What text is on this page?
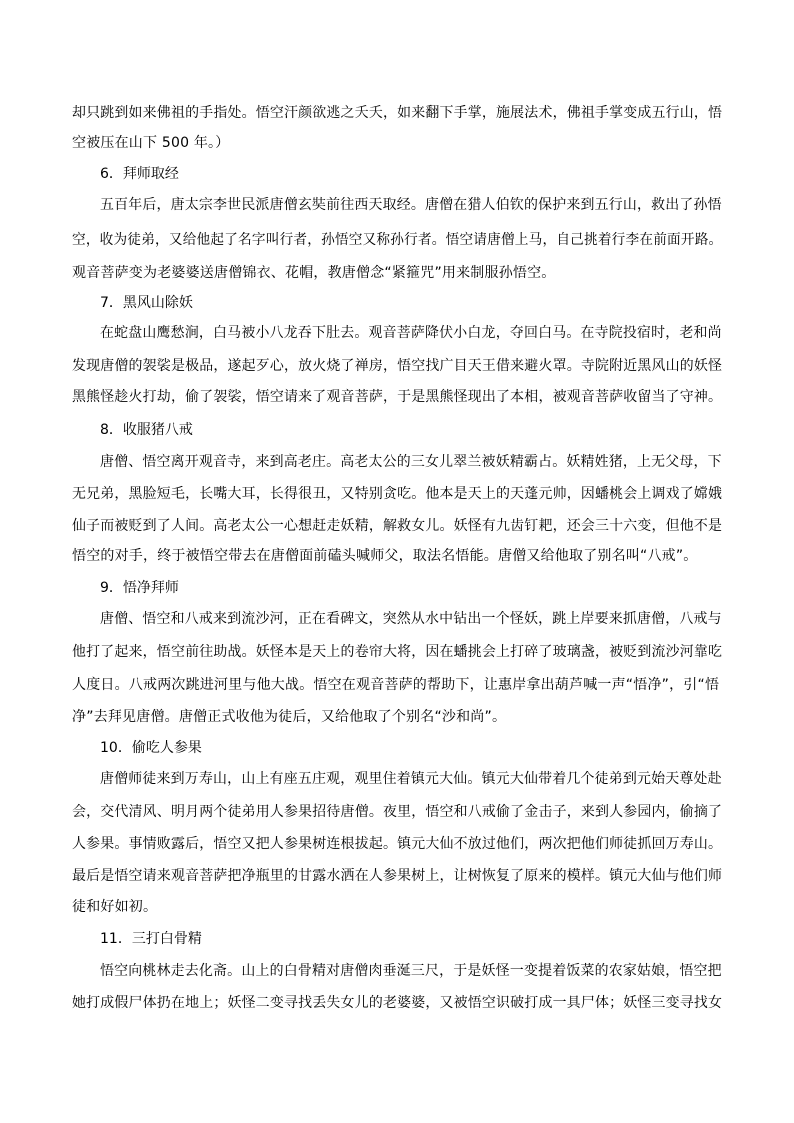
却只跳到如来佛祖的手指处。悟空汗颜欲逃之夭夭，如来翻下手掌，施展法术，佛祖手掌变成五行山，悟
空被压在山下 500 年。）
6．拜师取经
五百年后，唐太宗李世民派唐僧玄奘前往西天取经。唐僧在猎人伯钦的保护来到五行山，救出了孙悟
空，收为徒弟，又给他起了名字叫行者，孙悟空又称孙行者。悟空请唐僧上马，自己挑着行李在前面开路。
观音菩萨变为老婆婆送唐僧锦衣、花帽，教唐僧念“紧箍咒”用来制服孙悟空。
7．黑风山除妖
在蛇盘山鹰愁涧，白马被小八龙吞下肚去。观音菩萨降伏小白龙，夺回白马。在寺院投宿时，老和尚
发现唐僧的袈裟是极品，遂起歹心，放火烧了禅房，悟空找广目天王借来避火罩。寺院附近黑风山的妖怪
黑熊怪趁火打劫，偷了袈裟，悟空请来了观音菩萨，于是黑熊怪现出了本相，被观音菩萨收留当了守神。
8．收服猪八戒
唐僧、悟空离开观音寺，来到高老庄。高老太公的三女儿翠兰被妖精霸占。妖精姓猪，上无父母，下
无兄弟，黑脸短毛，长嘴大耳，长得很丑，又特别贪吃。他本是天上的天蓬元帅，因蟠桃会上调戏了嫦娥
仙子而被贬到了人间。高老太公一心想赶走妖精，解救女儿。妖怪有九齿钉耙，还会三十六变，但他不是
悟空的对手，终于被悟空带去在唐僧面前磕头喊师父，取法名悟能。唐僧又给他取了别名叫“八戒”。
9．悟净拜师
唐僧、悟空和八戒来到流沙河，正在看碑文，突然从水中钻出一个怪妖，跳上岸要来抓唐僧，八戒与
他打了起来，悟空前往助战。妖怪本是天上的卷帘大将，因在蟠挑会上打碎了玻璃盏，被贬到流沙河靠吃
人度日。八戒两次跳进河里与他大战。悟空在观音菩萨的帮助下，让惠岸拿出葫芦喊一声“悟净”，引“悟
净”去拜见唐僧。唐僧正式收他为徒后，又给他取了个别名“沙和尚”。
10．偷吃人参果
唐僧师徒来到万寿山，山上有座五庄观，观里住着镇元大仙。镇元大仙带着几个徒弟到元始天尊处赴
会，交代清风、明月两个徒弟用人参果招待唐僧。夜里，悟空和八戒偷了金击子，来到人参园内，偷摘了
人参果。事情败露后，悟空又把人参果树连根拔起。镇元大仙不放过他们，两次把他们师徒抓回万寿山。
最后是悟空请来观音菩萨把净瓶里的甘露水洒在人参果树上，让树恢复了原来的模样。镇元大仙与他们师
徒和好如初。
11．三打白骨精
悟空向桃林走去化斋。山上的白骨精对唐僧肉垂涎三尺，于是妖怪一变提着饭菜的农家姑娘，悟空把
她打成假尸体扔在地上；妖怪二变寻找丢失女儿的老婆婆，又被悟空识破打成一具尸体；妖怪三变寻找女
